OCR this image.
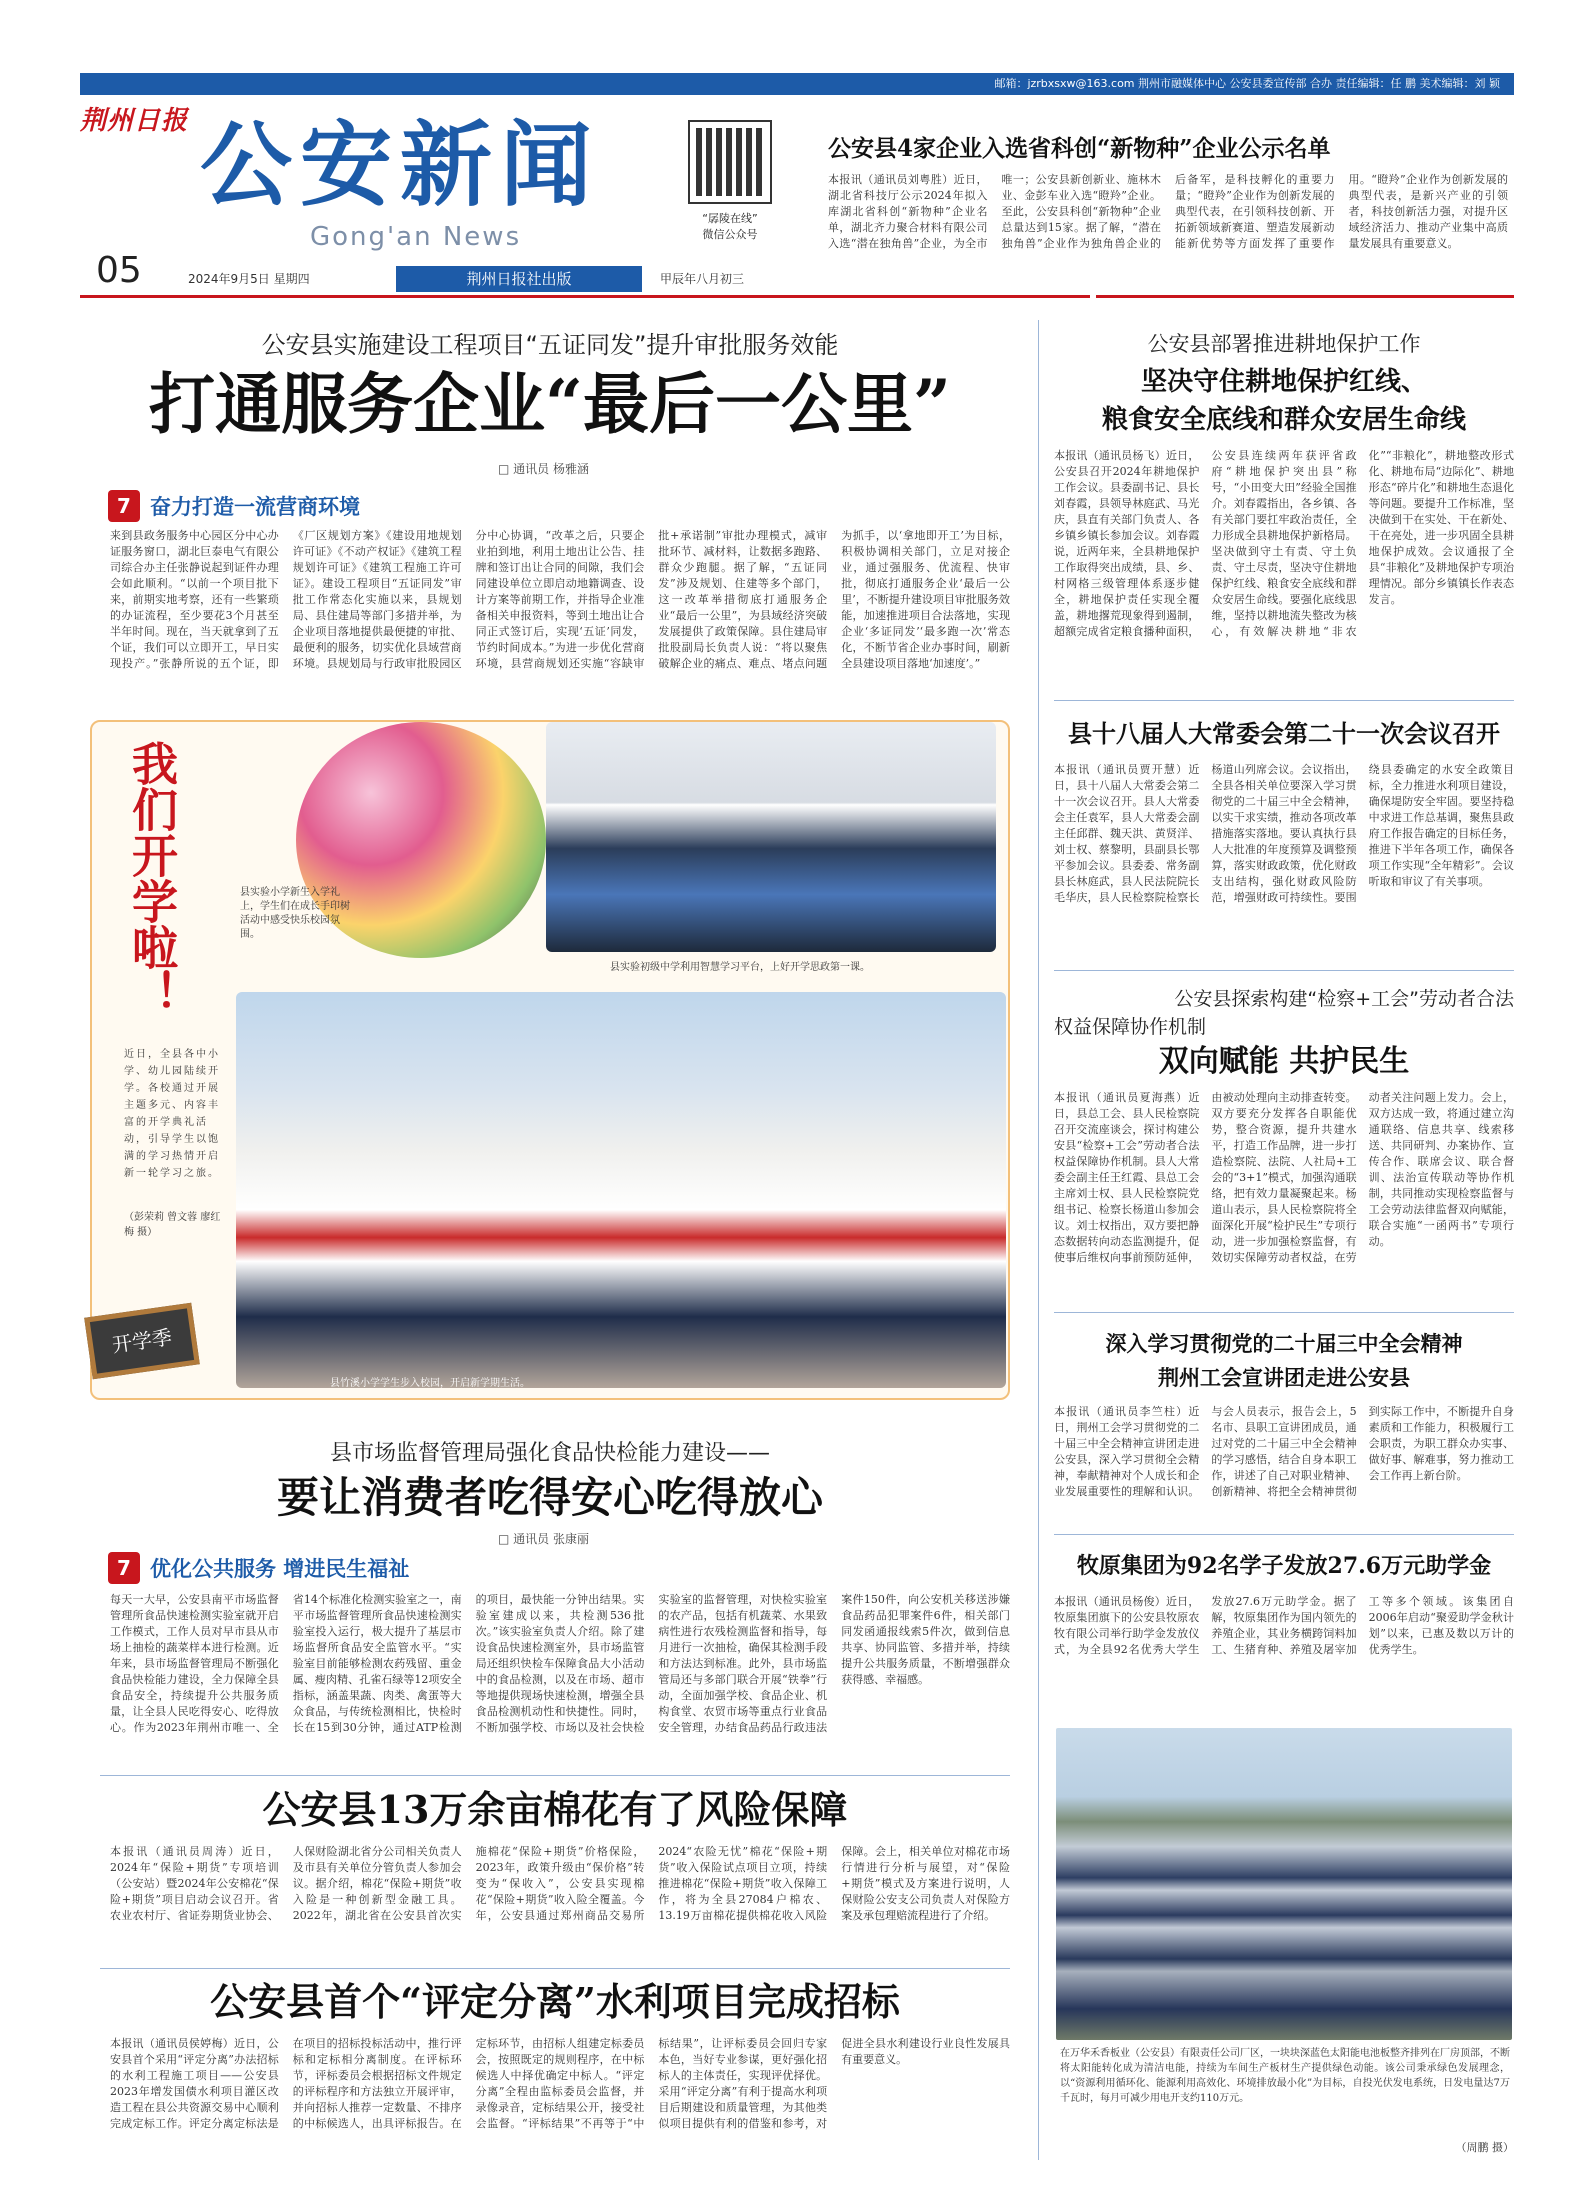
邮箱：jzrbxsxw@163.com 荆州市融媒体中心 公安县委宣传部 合办 责任编辑：任 鹏 美术编辑：刘 颖
荆州日报 公安新闻
Gong'an News
“孱陵在线”
微信公众号
05	2024年9月5日 星期四	荆州日报社出版	甲辰年八月初三
公安县4家企业入选省科创“新物种”企业公示名单
本报讯（通讯员刘粤胜）近日，湖北省科技厅公示2024年拟入库湖北省科创“新物种”企业名单，湖北齐力聚合材料有限公司入选“潜在独角兽”企业，为全市唯一；公安县新创新业、施林木业、金彭车业入选“瞪羚”企业。至此，公安县科创“新物种”企业总量达到15家。据了解，“潜在独角兽”企业作为独角兽企业的后备军，是科技孵化的重要力量；“瞪羚”企业作为创新发展的典型代表，在引领科技创新、开拓新领域新赛道、塑造发展新动能新优势等方面发挥了重要作用。“瞪羚”企业作为创新发展的典型代表，是新兴产业的引领者，科技创新活力强，对提升区域经济活力、推动产业集中高质量发展具有重要意义。
公安县实施建设工程项目“五证同发”提升审批服务效能
打通服务企业“最后一公里”
□ 通讯员 杨雅涵
7 奋力打造一流营商环境
来到县政务服务中心园区分中心办证服务窗口，湖北巨泰电气有限公司综合办主任张静说起到证件办理会如此顺利。“以前一个项目批下来，前期实地考察，还有一些繁琐的办证流程，至少要花3个月甚至半年时间。现在，当天就拿到了五个证，我们可以立即开工，早日实现投产。”张静所说的五个证，即《厂区规划方案》《建设用地规划许可证》《不动产权证》《建筑工程规划许可证》《建筑工程施工许可证》。建设工程项目“五证同发”审批工作常态化实施以来，县规划局、县住建局等部门多措并举，为企业项目落地提供最便捷的审批、最便利的服务，切实优化县域营商环境。县规划局与行政审批股园区分中心协调，“改革之后，只要企业拍到地，利用土地出让公告、挂牌和签订出让合同的间隙，我们会同建设单位立即启动地籍调查、设计方案等前期工作，并指导企业准备相关申报资料，等到土地出让合同正式签订后，实现‘五证’同发，节约时间成本。”为进一步优化营商环境，县营商规划还实施“容缺审批+承诺制”审批办理模式，减审批环节、减材料，让数据多跑路、群众少跑腿。据了解，“五证同发”涉及规划、住建等多个部门，这一改革举措彻底打通服务企业“最后一公里”，为县域经济突破发展提供了政策保障。县住建局审批股副局长负责人说：“将以聚焦破解企业的痛点、难点、堵点问题为抓手，以‘拿地即开工’为目标，积极协调相关部门，立足对接企业，通过强服务、优流程、快审批，彻底打通服务企业‘最后一公里’，不断提升建设项目审批服务效能，加速推进项目合法落地，实现企业‘多证同发’‘最多跑一次’常态化，不断节省企业办事时间，刷新全县建设项目落地‘加速度’。”
我们开学啦！	县实验小学新生入学礼上，学生们在成长手印树活动中感受快乐校园氛围。
县实验初级中学利用智慧学习平台，上好开学思政第一课。
近日，全县各中小学、幼儿园陆续开学。各校通过开展主题多元、内容丰富的开学典礼活动，引导学生以饱满的学习热情开启新一轮学习之旅。
（彭荣莉 曾文蓉 廖红梅 摄）
开学季
县竹溪小学学生步入校园，开启新学期生活。
县市场监督管理局强化食品快检能力建设——
要让消费者吃得安心吃得放心
□ 通讯员 张康丽
7 优化公共服务 增进民生福祉
每天一大早，公安县南平市场监督管理所食品快速检测实验室就开启工作模式，工作人员对早市县从市场上抽检的蔬菜样本进行检测。近年来，县市场监督管理局不断强化食品快检能力建设，全力保障全县食品安全，持续提升公共服务质量，让全县人民吃得安心、吃得放心。作为2023年荆州市唯一、全省14个标准化检测实验室之一，南平市场监督管理所食品快速检测实验室投入运行，极大提升了基层市场监督所食品安全监管水平。“实验室目前能够检测农药残留、重金属、瘦肉精、孔雀石绿等12项安全指标，涵盖果蔬、肉类、禽蛋等大众食品，与传统检测相比，快检时长在15到30分钟，通过ATP检测的项目，最快能一分钟出结果。实验室建成以来，共检测536批次。”该实验室负责人介绍。除了建设食品快速检测室外，县市场监管局还组织快检车保障食品大小活动中的食品检测，以及在市场、超市等地提供现场快速检测，增强全县食品检测机动性和快捷性。同时，不断加强学校、市场以及社会快检实验室的监督管理，对快检实验室的农产品，包括有机蔬菜、水果致病性进行农残检测监督和指导，每月进行一次抽检，确保其检测手段和方法达到标准。此外，县市场监管局还与多部门联合开展“铁拳”行动，全面加强学校、食品企业、机构食堂、农贸市场等重点行业食品安全管理，办结食品药品行政违法案件150件，向公安机关移送涉嫌食品药品犯罪案件6件，相关部门同发函通报线索5件次，做到信息共享、协同监管、多措并举，持续提升公共服务质量，不断增强群众获得感、幸福感。
公安县13万余亩棉花有了风险保障
本报讯（通讯员周涛）近日，2024年“保险+期货”专项培训（公安站）暨2024年公安棉花“保险+期货”项目启动会议召开。省农业农村厅、省证券期货业协会、人保财险湖北省分公司相关负责人及市县有关单位分管负责人参加会议。据介绍，棉花“保险+期货”收入险是一种创新型金融工具。2022年，湖北省在公安县首次实施棉花“保险+期货”价格保险，2023年，政策升级由“保价格”转变为“保收入”，公安县实现棉花“保险+期货”收入险全覆盖。今年，公安县通过郑州商品交易所2024“农险无忧”棉花“保险+期货”收入保险试点项目立项，持续推进棉花“保险+期货”收入保障工作，将为全县27084户棉农、13.19万亩棉花提供棉花收入风险保障。会上，相关单位对棉花市场行情进行分析与展望，对“保险+期货”模式及方案进行说明，人保财险公安支公司负责人对保险方案及承包理赔流程进行了介绍。
公安县首个“评定分离”水利项目完成招标
本报讯（通讯员侯婷梅）近日，公安县首个采用“评定分离”办法招标的水利工程施工项目——公安县2023年增发国债水利项目灌区改造工程在县公共资源交易中心顺利完成定标工作。评定分离定标法是在项目的招标投标活动中，推行评标和定标相分离制度。在评标环节，评标委员会根据招标文件规定的评标程序和方法独立开展评审，并向招标人推荐一定数量、不排序的中标候选人，出具评标报告。在定标环节，由招标人组建定标委员会，按照既定的规则程序，在中标候选人中择优确定中标人。“评定分离”全程由监标委员会监督，并录像录音，定标结果公开，接受社会监督。“评标结果”不再等于“中标结果”，让评标委员会回归专家本色，当好专业参谋，更好强化招标人的主体责任，实现评优择优。采用“评定分离”有利于提高水利项目后期建设和质量管理，为其他类似项目提供有利的借鉴和参考，对促进全县水利建设行业良性发展具有重要意义。
公安县部署推进耕地保护工作
坚决守住耕地保护红线、
粮食安全底线和群众安居生命线
本报讯（通讯员杨飞）近日，公安县召开2024年耕地保护工作会议。县委副书记、县长刘春霞，县领导林庭武、马光庆，县直有关部门负责人、各乡镇乡镇长参加会议。刘春霞说，近两年来，全县耕地保护工作取得突出成绩，县、乡、村网格三级管理体系逐步健全，耕地保护责任实现全覆盖，耕地撂荒现象得到遏制，超额完成省定粮食播种面积，公安县连续两年获评省政府“耕地保护突出县”称号，“小田变大田”经验全国推介。刘春霞指出，各乡镇、各有关部门要扛牢政治责任，全力形成全县耕地保护新格局。坚决做到守土有责、守土负责、守土尽责，坚决守住耕地保护红线、粮食安全底线和群众安居生命线。要强化底线思维，坚持以耕地流失整改为核心，有效解决耕地“非农化”“非粮化”，耕地整改形式化、耕地布局“边际化”、耕地形态“碎片化”和耕地生态退化等问题。要提升工作标准，坚决做到干在实处、干在新处、干在亮处，进一步巩固全县耕地保护成效。会议通报了全县“非粮化”及耕地保护专项治理情况。部分乡镇镇长作表态发言。
县十八届人大常委会第二十一次会议召开
本报讯（通讯员贾开慧）近日，县十八届人大常委会第二十一次会议召开。县人大常委会主任袁军，县人大常委会副主任邱群、魏天洪、黄贤洋、刘士权、蔡黎明，县副县长鄂平参加会议。县委委、常务副县长林庭武，县人民法院院长毛华庆，县人民检察院检察长杨道山列席会议。会议指出，全县各相关单位要深入学习贯彻党的二十届三中全会精神，以实干求实绩，推动各项改革措施落实落地。要认真执行县人大批准的年度预算及调整预算，落实财政政策，优化财政支出结构，强化财政风险防范，增强财政可持续性。要围绕县委确定的水安全政策目标，全力推进水利项目建设，确保堤防安全牢固。要坚持稳中求进工作总基调，聚焦县政府工作报告确定的目标任务，推进下半年各项工作，确保各项工作实现“全年精彩”。会议听取和审议了有关事项。
公安县探索构建“检察+工会”劳动者合法
权益保障协作机制
双向赋能 共护民生
本报讯（通讯员夏海燕）近日，县总工会、县人民检察院召开交流座谈会，探讨构建公安县“检察+工会”劳动者合法权益保障协作机制。县人大常委会副主任王红霞、县总工会主席刘士权、县人民检察院党组书记、检察长杨道山参加会议。刘士权指出，双方要把静态数据转向动态监测提升，促使事后维权向事前预防延伸，由被动处理向主动排查转变。双方要充分发挥各自职能优势，整合资源，提升共建水平，打造工作品牌，进一步打造检察院、法院、人社局+工会的“3+1”模式，加强沟通联络，把有效力量凝聚起来。杨道山表示，县人民检察院将全面深化开展“检护民生”专项行动，进一步加强检察监督，有效切实保障劳动者权益，在劳动者关注问题上发力。会上，双方达成一致，将通过建立沟通联络、信息共享、线索移送、共同研判、办案协作、宣传合作、联席会议、联合督训、法治宣传联动等协作机制，共同推动实现检察监督与工会劳动法律监督双向赋能，联合实施“一函两书”专项行动。
深入学习贯彻党的二十届三中全会精神
荆州工会宣讲团走进公安县
本报讯（通讯员李竺柱）近日，荆州工会学习贯彻党的二十届三中全会精神宣讲团走进公安县，深入学习贯彻全会精神，奉献精神对个人成长和企业发展重要性的理解和认识。与会人员表示，报告会上，5名市、县职工宣讲团成员，通过对党的二十届三中全会精神的学习感悟，结合自身本职工作，讲述了自己对职业精神、创新精神、将把全会精神贯彻到实际工作中，不断提升自身素质和工作能力，积极履行工会职责，为职工群众办实事、做好事、解难事，努力推动工会工作再上新台阶。
牧原集团为92名学子发放27.6万元助学金
本报讯（通讯员杨俊）近日，牧原集团旗下的公安县牧原农牧有限公司举行助学金发放仪式，为全县92名优秀大学生发放27.6万元助学金。据了解，牧原集团作为国内领先的养殖企业，其业务横跨饲料加工、生猪育种、养殖及屠宰加工等多个领域。该集团自2006年启动“聚爱助学金秋计划”以来，已惠及数以万计的优秀学生。
在万华禾香板业（公安县）有限责任公司厂区，一块块深蓝色太阳能电池板整齐排列在厂房顶部，不断将太阳能转化成为清洁电能，持续为车间生产板材生产提供绿色动能。该公司秉承绿色发展理念，以“资源利用循环化、能源利用高效化、环境排放最小化”为目标，自投光伏发电系统，日发电量达7万千瓦时，每月可减少用电开支约110万元。
（周鹏 摄）
